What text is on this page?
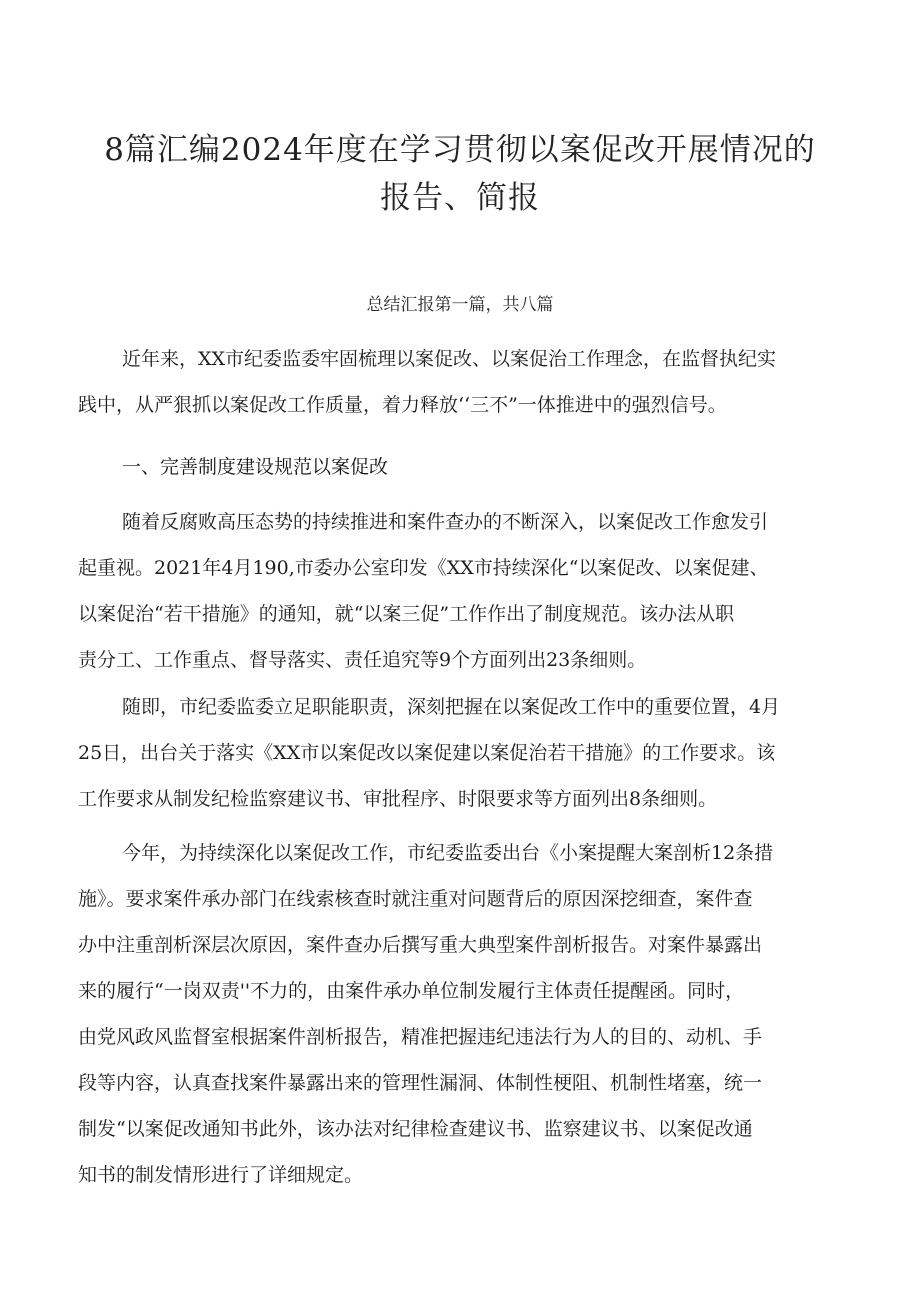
8篇汇编2024年度在学习贯彻以案促改开展情况的
报告、简报
总结汇报第一篇，共八篇
近年来，XX市纪委监委牢固梳理以案促改、以案促治工作理念，在监督执纪实
践中，从严狠抓以案促改工作质量，着力释放‘‘三不”一体推进中的强烈信号。
一、完善制度建设规范以案促改
随着反腐败高压态势的持续推进和案件查办的不断深入，以案促改工作愈发引
起重视。2021年4月190,市委办公室印发《XX市持续深化“以案促改、以案促建、
以案促治“若干措施》的通知，就“以案三促”工作作出了制度规范。该办法从职
责分工、工作重点、督导落实、责任追究等9个方面列出23条细则。
随即，市纪委监委立足职能职责，深刻把握在以案促改工作中的重要位置，4月
25日，出台关于落实《XX市以案促改以案促建以案促治若干措施》的工作要求。该
工作要求从制发纪检监察建议书、审批程序、时限要求等方面列出8条细则。
今年，为持续深化以案促改工作，市纪委监委出台《小案提醒大案剖析12条措
施》。要求案件承办部门在线索核查时就注重对问题背后的原因深挖细查，案件查
办中注重剖析深层次原因，案件查办后撰写重大典型案件剖析报告。对案件暴露出
来的履行“一岗双责''不力的，由案件承办单位制发履行主体责任提醒函。同时，
由党风政风监督室根据案件剖析报告，精准把握违纪违法行为人的目的、动机、手
段等内容，认真查找案件暴露出来的管理性漏洞、体制性梗阻、机制性堵塞，统一
制发“以案促改通知书此外，该办法对纪律检查建议书、监察建议书、以案促改通
知书的制发情形进行了详细规定。
